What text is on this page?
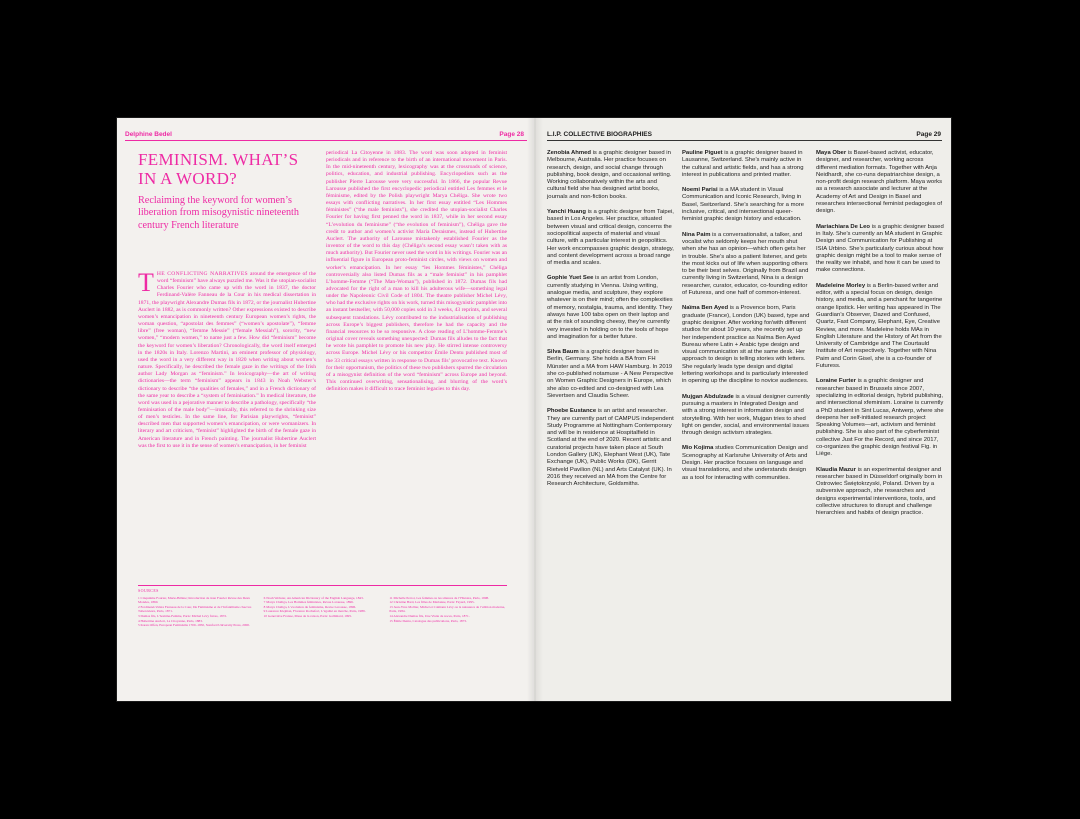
Delphine Bedel	Page 28
FEMINISM. WHAT’S IN A WORD?
Reclaiming the keyword for women’s liberation from misogynistic nineteenth century French literature
THE CONFLICTING NARRATIVES around the emergence of the word “feminism” have always puzzled me. Was it the utopian-socialist Charles Fourier who came up with the word in 1837, the doctor Ferdinand-Valère Fanneau de la Cour in his medical dissertation in 1871, the playwright Alexandre Dumas fils in 1872, or the journalist Hubertine Auclert in 1882, as is commonly written? Other expressions existed to describe women’s emancipation in nineteenth century European women’s rights, the woman question, “apostolat des femmes” (“women’s apostolate”), “femme libre” (free woman), “femme Messie” (“female Messiah”), sorority, “new women,” “modern women,” to name just a few. How did “feminism” become the keyword for women’s liberation? Chronologically, the word itself emerged in the 1820s in Italy. Lorenzo Martini, an eminent professor of physiology, used the word in a very different way in 1820 when writing about women’s nature. Specifically, he described the female gaze in the writings of the Irish author Lady Morgan as “feminism.” In lexicography—the art of writing dictionaries—the term “feminism” appears in 1843 in Noah Webster’s dictionary to describe “the qualities of females,” and in a French dictionary of the same year to describe a “system of feminisation.” In medical literature, the word was used in a pejorative manner to describe a pathology, specifically “the feminisation of the male body”—ironically, this referred to the shrinking size of men’s testicles. In the same line, for Parisian playwrights, “feminist” described men that supported women’s emancipation, or were womanizers. In literary and art criticism, “feminist” highlighted the birth of the female gaze in American literature and in French painting. The journalist Hubertine Auclert was the first to use it in the sense of women’s emancipation, in her feminist
periodical La Citoyenne in 1883. The word was soon adopted in feminist periodicals and in reference to the birth of an international movement in Paris. In the mid-nineteenth century, lexicography was at the crossroads of science, politics, education, and industrial publishing. Encyclopedists such as the publisher Pierre Larousse were very successful. In 1866, the popular Revue Larousse published the first encyclopedic periodical entitled Les femmes et le féminisme, edited by the Polish playwright Marya Chéliga. She wrote two essays with conflicting narratives. In her first essay entitled “Les Hommes féministes” (“the male feminists”), she credited the utopian-socialist Charles Fourier for having first penned the word in 1837, while in her second essay “L’evolution du feminisme” (“the evolution of feminism”), Chéliga gave the credit to author and women’s activist Maria Deraismes, instead of Hubertine Auclert. The authority of Larousse mistakenly established Fourier as the inventor of the word to this day (Chéliga’s second essay wasn’t taken with as much authority). But Fourier never used the word in his writings. Fourier was an influential figure in European proto-feminist circles, with views on women and worker’s emancipation. In her essay “les Hommes féministes,” Chéliga controversially also listed Dumas fils as a “male feminist” in his pamphlet L’homme-Femme (“The Man-Woman”), published in 1872. Dumas fils had advocated for the right of a man to kill his adulterous wife—something legal under the Napoleonic Civil Code of 1804. The theatre publisher Michel Lévy, who had the exclusive rights on his work, turned this misogynistic pamphlet into an instant bestseller, with 50,000 copies sold in 3 weeks, 43 reprints, and several subsequent translations. Lévy contributed to the industrialisation of publishing across Europe’s biggest publishers, therefore he had the capacity and the financial resources to be so responsive. A close reading of L’homme-Femme’s original cover reveals something unexpected: Dumas fils alludes to the fact that he wrote his pamphlet to promote his new play. He stirred intense controversy across Europe. Michel Lévy or his competitor Émile Dentu published most of the 33 critical essays written in response to Dumas fils’ provocative text. Known for their opportunism, the politics of these two publishers spurred the circulation of a misogynist definition of the word “feminism” across Europe and beyond. This continued overwriting, sensationalising, and blurring of the word’s definition makes it difficult to trace feminist legacies to this day.
SOURCES
1 Cinquième Fourier, Marie-Hélène; Introduction de Jean Fourier Revue des Deux Mondes, 1860.
2 Ferdinand-Valère Fanneau de la Cour, Du Féminisme et de l’Infantilisme chez les Tuberculeux, Paris, 1871.
3 Dumas fils, L’homme-Femme, Paris: Michel Lévy frères, 1872.
4 Hubertine Auclert, La Citoyenne, Paris, 1883.
5 Karen Offen, European Feminisms 1700–1950, Stanford University Press, 2000.
6 Noah Webster, An American Dictionary of the English Language, 1843.
7 Marya Chéliga, Les Hommes féministes, Revue Larousse, 1896.
8 Marya Chéliga, L’evolution du feminisme, Revue Larousse, 1896.
9 Laurence Klejman, Florence Rochefort, L’égalité en marche, Paris, 1989.
10 Geneviève Fraisse, Muse de la raison, Paris: Gallimard, 1995.
11 Michelle Perrot, Les femmes ou les silences de l’Histoire, Paris, 1998.
12 Christine Bard, Les filles de Marianne, Paris: Fayard, 1995.
13 Jean-Yves Mollier, Michel et Calmann Lévy ou la naissance de l’édition moderne, Paris, 1984.
14 Alexandre Dumas fils, Une Visite de noces, Paris, 1871.
15 Émile Dentu, Catalogue des publications, Paris, 1873.
L.I.P. COLLECTIVE BIOGRAPHIES	Page 29

Zenobia Ahmed is a graphic designer based in Melbourne, Australia. Her practice focuses on research, design, and social change through publishing, book design, and occasional writing. Working collaboratively within the arts and cultural field she has designed artist books, journals and non-fiction books.

Yanchi Huang is a graphic designer from Taipei, based in Los Angeles. Her practice, situated between visual and critical design, concerns the sociopolitical aspects of material and visual culture, with a particular interest in geopolitics. Her work encompasses graphic design, strategy, and content development across a broad range of media and scales.

Gophie Yuet See is an artist from London, currently studying in Vienna. Using writing, analogue media, and sculpture, they explore whatever is on their mind; often the complexities of memory, nostalgia, trauma, and identity. They always have 100 tabs open on their laptop and at the risk of sounding cheesy, they’re currently very invested in holding on to the tools of hope and imagination for a better future.

Silva Baum is a graphic designer based in Berlin, Germany. She holds a BA from FH Münster and a MA from HAW Hamburg. In 2019 she co-published notamuse - A New Perspective on Women Graphic Designers in Europe, which she also co-edited and co-designed with Lea Sievertsen and Claudia Scheer.

Phoebe Eustance is an artist and researcher. They are currently part of CAMPUS independent Study Programme at Nottingham Contemporary and will be in residence at Hospitalfield in Scotland at the end of 2020. Recent artistic and curatorial projects have taken place at South London Gallery (UK), Elephant West (UK), Tate Exchange (UK), Public Works (DK), Gerrit Rietveld Pavilion (NL) and Arts Catalyst (UK). In 2016 they received an MA from the Centre for Research Architecture, Goldsmiths.

Pauline Piguet is a graphic designer based in Lausanne, Switzerland. She’s mainly active in the cultural and artistic fields, and has a strong interest in publications and printed matter.

Noemi Parisi is a MA student in Visual Communication and Iconic Research, living in Basel, Switzerland. She’s searching for a more inclusive, critical, and intersectional queer-feminist graphic design history and education.

Nina Paim is a conversationalist, a talker, and vocalist who seldomly keeps her mouth shut when she has an opinion—which often gets her in trouble. She’s also a patient listener, and gets the most kicks out of life when supporting others to be their best selves. Originally from Brazil and currently living in Switzerland, Nina is a design researcher, curator, educator, co-founding editor of Futuress, and one half of common-interest.

Naïma Ben Ayed is a Provence born, Paris graduate (France), London (UK) based, type and graphic designer. After working for/with different studios for about 10 years, she recently set up her independent practice as Naïma Ben Ayed Bureau where Latin + Arabic type design and visual communication sit at the same desk. Her approach to design is telling stories with letters. She regularly leads type design and digital lettering workshops and is particularly interested in opening up the discipline to novice audiences.

Mujgan Abdulzade is a visual designer currently pursuing a masters in Integrated Design and with a strong interest in information design and storytelling. With her work, Mujgan tries to shed light on gender, social, and environmental issues through design activism strategies.

Mio Kojima studies Communication Design and Scenography at Karlsruhe University of Arts and Design. Her practice focuses on language and visual translations, and she understands design as a tool for interacting with communities.

Maya Ober is Basel-based activist, educator, designer, and researcher, working across different mediation formats. Together with Anja Neidhardt, she co-runs depatriarchise design, a non-profit design research platform. Maya works as a research associate and lecturer at the Academy of Art and Design in Basel and researches intersectional feminist pedagogies of design.

Mariachiara De Leo is a graphic designer based in Italy. She’s currently an MA student in Graphic Design and Communication for Publishing at ISIA Urbino. She’s particularly curious about how graphic design might be a tool to make sense of the reality we inhabit, and how it can be used to make connections.

Madeleine Morley is a Berlin-based writer and editor, with a special focus on design, design history, and media, and a penchant for tangerine orange lipstick. Her writing has appeared in The Guardian’s Observer, Dazed and Confused, Quartz, Fast Company, Elephant, Eye, Creative Review, and more. Madeleine holds MAs in English Literature and the History of Art from the University of Cambridge and The Courtauld Institute of Art respectively. Together with Nina Paim and Corin Gisel, she is a co-founder of Futuress.

Loraine Furter is a graphic designer and researcher based in Brussels since 2007, specializing in editorial design, hybrid publishing, and intersectional xfeminism. Loraine is currently a PhD student in Sint Lucas, Antwerp, where she deepens her self-initiated research project Speaking Volumes—art, activism and feminist publishing. She is also part of the cyberfeminist collective Just For the Record, and since 2017, co-organizes the graphic design festival Fig. in Liège.

Klaudia Mazur is an experimental designer and researcher based in Düsseldorf originally born in Ostrowiec Świętokrzyski, Poland. Driven by a subversive approach, she researches and designs experimental interventions, tools, and collective structures to disrupt and challenge hierarchies and habits of design practice.
